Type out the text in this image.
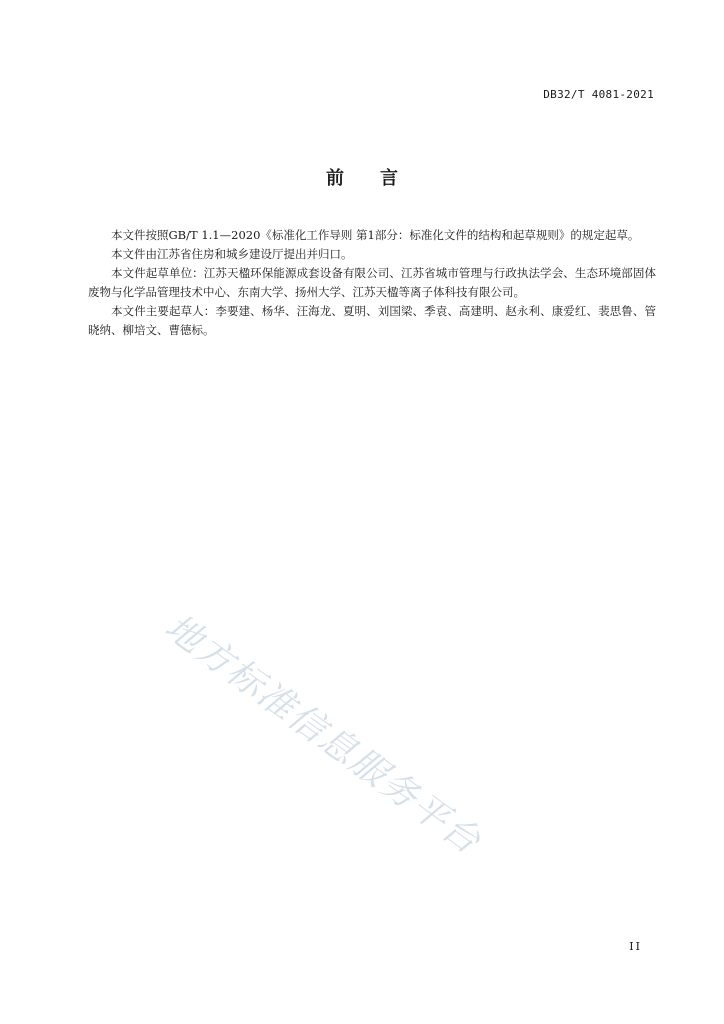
DB32/T 4081-2021
前言

本文件按照GB/T 1.1—2020《标准化工作导则 第1部分：标准化文件的结构和起草规则》的规定起草。

本文件由江苏省住房和城乡建设厅提出并归口。

本文件起草单位：江苏天楹环保能源成套设备有限公司、江苏省城市管理与行政执法学会、生态环境部固体废物与化学品管理技术中心、东南大学、扬州大学、江苏天楹等离子体科技有限公司。

本文件主要起草人：李要建、杨华、汪海龙、夏明、刘国梁、季袁、高建明、赵永利、康爱红、裴思鲁、管晓纳、柳培文、曹德标。

地方标准信息服务平台
II
